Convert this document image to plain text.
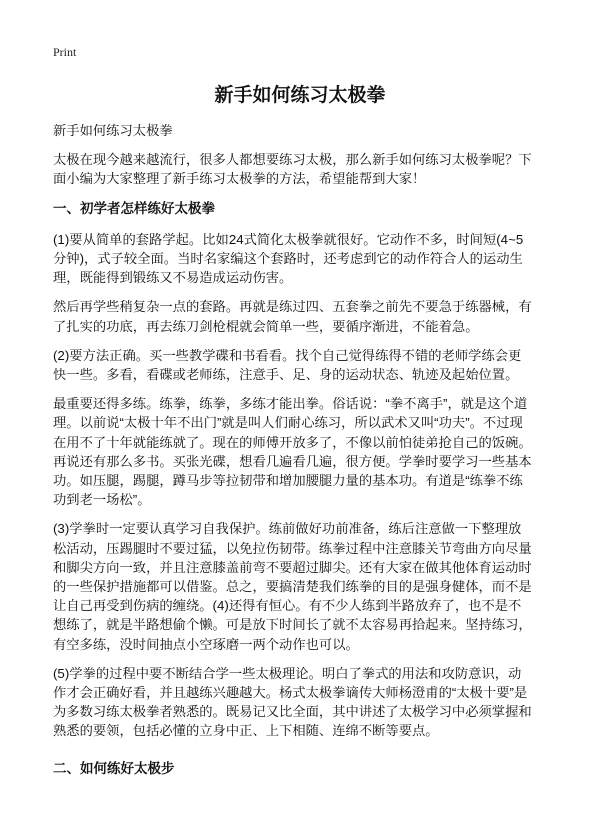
Print
新手如何练习太极拳

新手如何练习太极拳

太极在现今越来越流行，很多人都想要练习太极，那么新手如何练习太极拳呢？下
面小编为大家整理了新手练习太极拳的方法，希望能帮到大家！

一、初学者怎样练好太极拳

(1)要从简单的套路学起。比如24式简化太极拳就很好。它动作不多，时间短(4~5
分钟)，式子较全面。当时名家编这个套路时，还考虑到它的动作符合人的运动生
理，既能得到锻练又不易造成运动伤害。

然后再学些稍复杂一点的套路。再就是练过四、五套拳之前先不要急于练器械，有
了扎实的功底，再去练刀剑枪棍就会简单一些，要循序渐进，不能着急。

(2)要方法正确。买一些教学碟和书看看。找个自己觉得练得不错的老师学练会更
快一些。多看，看碟或老师练，注意手、足、身的运动状态、轨迹及起始位置。

最重要还得多练。练拳，练拳，多练才能出拳。俗话说：“拳不离手”，就是这个道
理。以前说“太极十年不出门”就是叫人们耐心练习，所以武术又叫“功夫”。不过现
在用不了十年就能练就了。现在的师傅开放多了，不像以前怕徒弟抢自己的饭碗。
再说还有那么多书。买张光碟，想看几遍看几遍，很方便。学拳时要学习一些基本
功。如压腿，踢腿，蹲马步等拉韧带和增加腰腿力量的基本功。有道是“练拳不练
功到老一场松”。

(3)学拳时一定要认真学习自我保护。练前做好功前准备，练后注意做一下整理放
松活动，压踢腿时不要过猛，以免拉伤韧带。练拳过程中注意膝关节弯曲方向尽量
和脚尖方向一致，并且注意膝盖前弯不要超过脚尖。还有大家在做其他体育运动时
的一些保护措施都可以借鉴。总之，要搞清楚我们练拳的目的是强身健体，而不是
让自己再受到伤病的缠绕。(4)还得有恒心。有不少人练到半路放弃了，也不是不
想练了，就是半路想偷个懒。可是放下时间长了就不太容易再拾起来。坚持练习，
有空多练，没时间抽点小空琢磨一两个动作也可以。

(5)学拳的过程中要不断结合学一些太极理论。明白了拳式的用法和攻防意识，动
作才会正确好看，并且越练兴趣越大。杨式太极拳谪传大师杨澄甫的“太极十要”是
为多数习练太极拳者熟悉的。既易记又比全面，其中讲述了太极学习中必须掌握和
熟悉的要领，包括必懂的立身中正、上下相随、连绵不断等要点。

二、如何练好太极步
